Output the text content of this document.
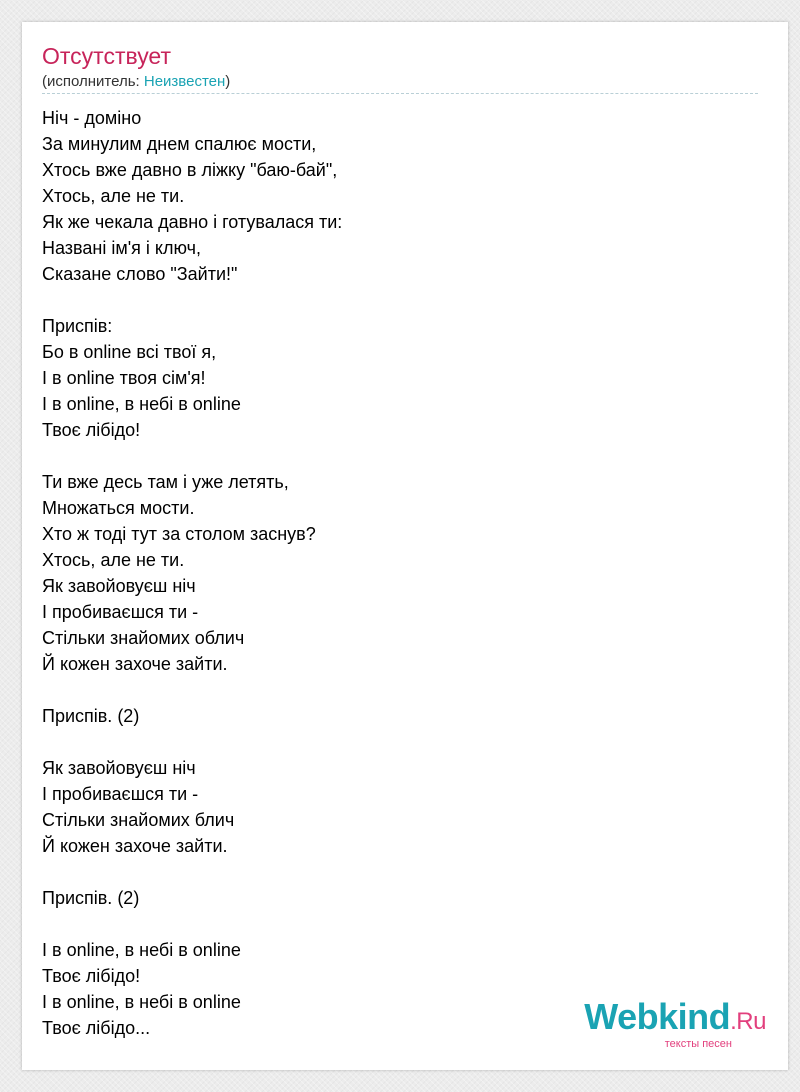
Отсутствует
(исполнитель: Неизвестен)
Ніч - доміно
За минулим днем спалює мости,
Хтось вже давно в ліжку "баю-бай",
Хтось, але не ти.
Як же чекала давно і готувалася ти:
Названі ім'я і ключ,
Сказане слово "Зайти!"
Приспів:
Бо в online всі твої я,
І в online твоя сім'я!
І в online, в небі в online
Твоє лібідо!
Ти вже десь там і уже летять,
Множаться мости.
Хто ж тоді тут за столом заснув?
Хтось, але не ти.
Як завойовуєш ніч
І пробиваєшся ти -
Стільки знайомих облич
Й кожен захоче зайти.
Приспів. (2)
Як завойовуєш ніч
І пробиваєшся ти -
Стільки знайомих блич
Й кожен захоче зайти.
Приспів. (2)
І в online, в небі в online
Твоє лібідо!
І в online, в небі в online
Твоє лібідо...	Webkind.Ru
тексты песен
